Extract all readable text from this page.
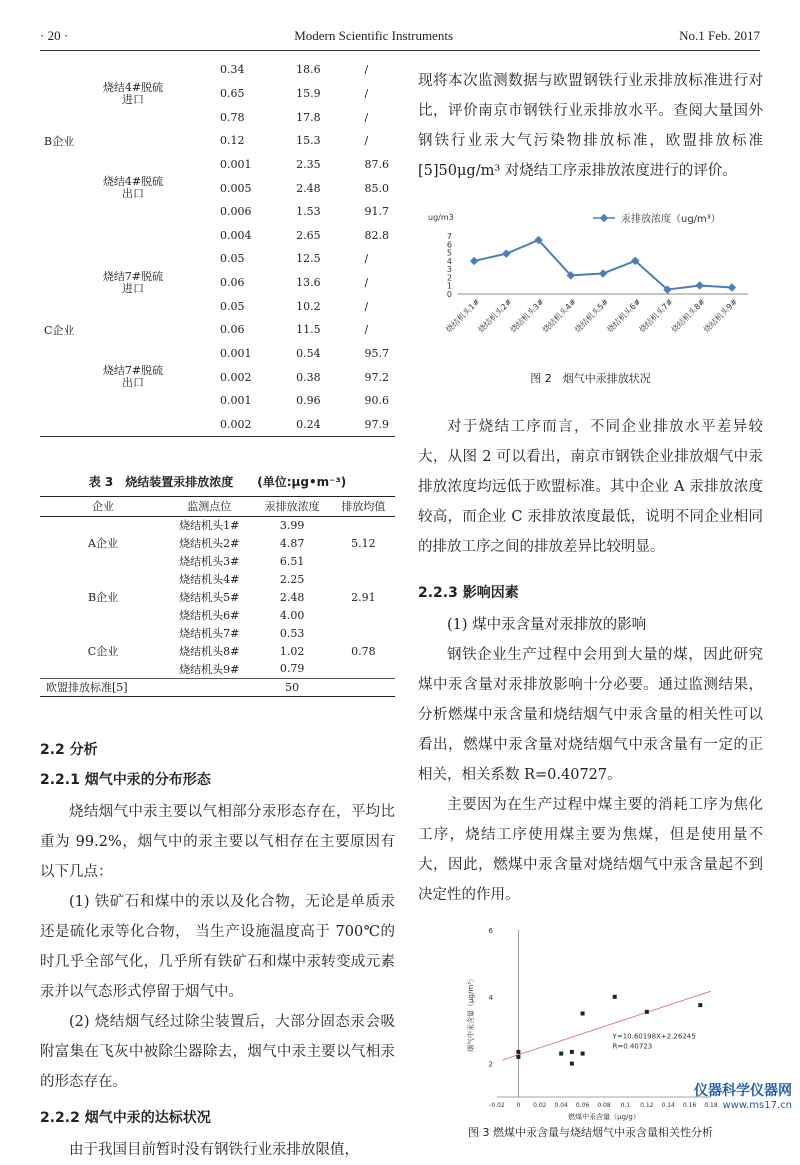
· 20 ·	Modern Scientific Instruments	No.1 Feb. 2017
		0.34	18.6	/
	烧结4#脱硫 进口	0.65	15.9	/
		0.78	17.8	/
B企业		0.12	15.3	/
		0.001	2.35	87.6
	烧结4#脱硫 出口	0.005	2.48	85.0
		0.006	1.53	91.7
		0.004	2.65	82.8
		0.05	12.5	/
	烧结7#脱硫 进口	0.06	13.6	/
		0.05	10.2	/
C企业		0.06	11.5	/
		0.001	0.54	95.7
	烧结7#脱硫 出口	0.002	0.38	97.2
		0.001	0.96	90.6
		0.002	0.24	97.9
表 3　烧结装置汞排放浓度　　(单位:μg•m⁻³)
企业	监测点位	汞排放浓度	排放均值
	烧结机头1#	3.99	
A企业	烧结机头2#	4.87	5.12
	烧结机头3#	6.51	
	烧结机头4#	2.25	
B企业	烧结机头5#	2.48	2.91
	烧结机头6#	4.00	
	烧结机头7#	0.53	
C企业	烧结机头8#	1.02	0.78
	烧结机头9#	0.79	
欧盟排放标准[5]		50	
2.2 分析
2.2.1 烟气中汞的分布形态

烧结烟气中汞主要以气相部分汞形态存在，平均比重为 99.2%，烟气中的汞主要以气相存在主要原因有以下几点：

(1) 铁矿石和煤中的汞以及化合物，无论是单质汞还是硫化汞等化合物， 当生产设施温度高于 700℃的时几乎全部气化，几乎所有铁矿石和煤中汞转变成元素汞并以气态形式停留于烟气中。

(2) 烧结烟气经过除尘装置后，大部分固态汞会吸附富集在飞灰中被除尘器除去，烟气中汞主要以气相汞的形态存在。

2.2.2 烟气中汞的达标状况

由于我国目前暂时没有钢铁行业汞排放限值，

现将本次监测数据与欧盟钢铁行业汞排放标准进行对比，评价南京市钢铁行业汞排放水平。查阅大量国外钢铁行业汞大气污染物排放标准，欧盟排放标准 [5]50μg/m³ 对烧结工序汞排放浓度进行的评价。

ug/m3
0
1
2
3
4
5
6
7
汞排放浓度（ug/m³）
烧结机头1#
烧结机头2#
烧结机头3#
烧结机头4#
烧结机头5#
烧结机头6#
烧结机头7#
烧结机头8#
烧结机头9#
图 2　烟气中汞排放状况

对于烧结工序而言，不同企业排放水平差异较大，从图 2 可以看出，南京市钢铁企业排放烟气中汞排放浓度均远低于欧盟标准。其中企业 A 汞排放浓度较高，而企业 C 汞排放浓度最低，说明不同企业相同的排放工序之间的排放差异比较明显。

2.2.3 影响因素

(1) 煤中汞含量对汞排放的影响

钢铁企业生产过程中会用到大量的煤，因此研究煤中汞含量对汞排放影响十分必要。通过监测结果，分析燃煤中汞含量和烧结烟气中汞含量的相关性可以看出，燃煤中汞含量对烧结烟气中汞含量有一定的正相关，相关系数 R=0.40727。

主要因为在生产过程中煤主要的消耗工序为焦化工序，烧结工序使用煤主要为焦煤，但是使用量不大，因此，燃煤中汞含量对烧结烟气中汞含量起不到决定性的作用。

2
4
6
-0.02 0 0.02 0.04 0.06 0.08 0.1 0.12 0.14 0.16 0.18
燃煤中汞含量（μg/g）
烟气中汞含量（μg/m³）	Y=10.60198X+2.26245
R=0.40723
图 3 燃煤中汞含量与烧结烟气中汞含量相关性分析
仪器科学仪器网
www.ms17.cn
